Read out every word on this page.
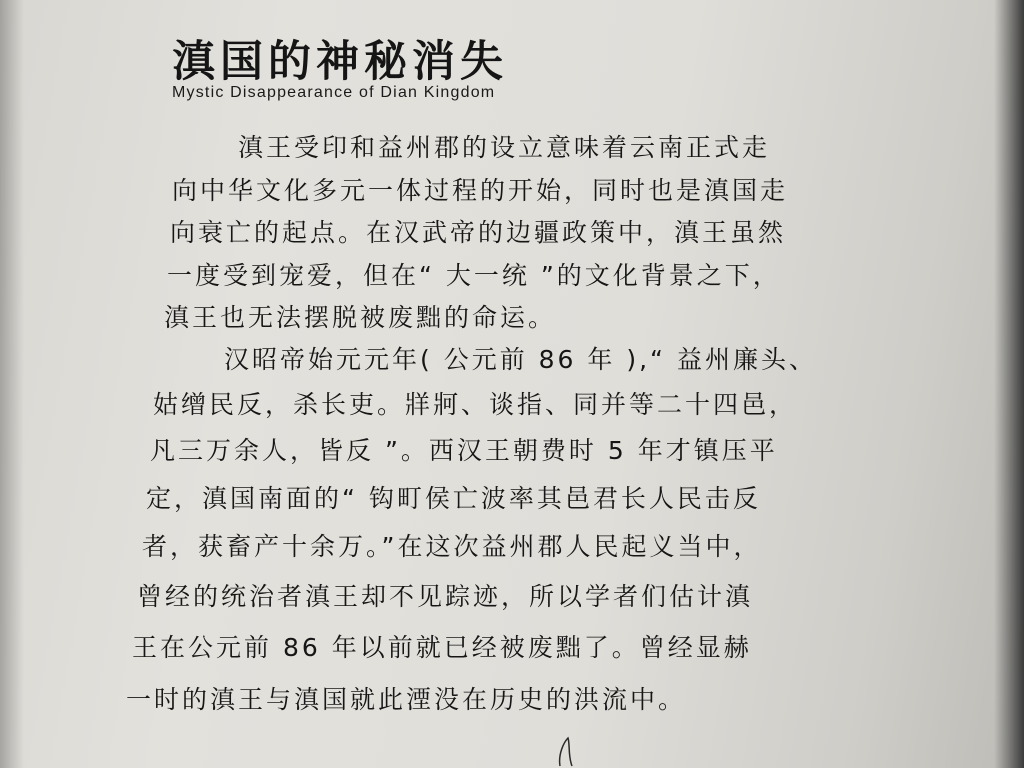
滇国的神秘消失
Mystic Disappearance of Dian Kingdom
滇王受印和益州郡的设立意味着云南正式走
向中华文化多元一体过程的开始，同时也是滇国走
向衰亡的起点。在汉武帝的边疆政策中，滇王虽然
一度受到宠爱，但在“ 大一统 ”的文化背景之下，
滇王也无法摆脱被废黜的命运。
汉昭帝始元元年( 公元前 86 年 ),“ 益州廉头、
姑缯民反，杀长吏。牂牁、谈指、同并等二十四邑，
凡三万余人，皆反 ”。西汉王朝费时 5 年才镇压平
定，滇国南面的“ 钩町侯亡波率其邑君长人民击反
者，获畜产十余万。”在这次益州郡人民起义当中，
曾经的统治者滇王却不见踪迹，所以学者们估计滇
王在公元前 86 年以前就已经被废黜了。曾经显赫
一时的滇王与滇国就此湮没在历史的洪流中。
